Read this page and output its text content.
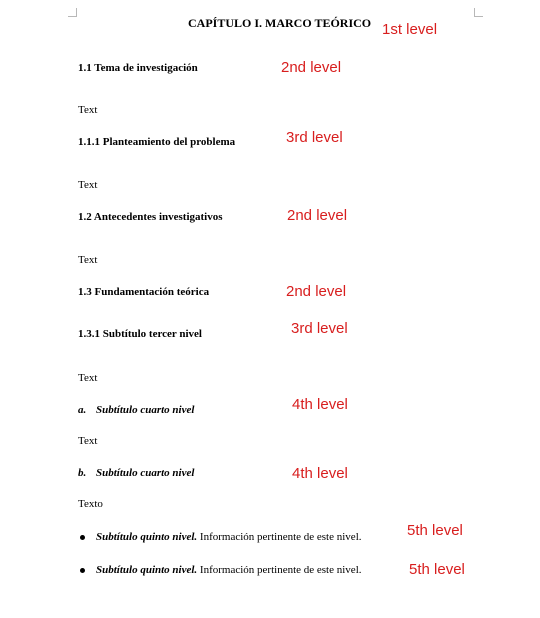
CAPÍTULO I. MARCO TEÓRICO 1st level
1.1 Tema de investigación	2nd level
Text
1.1.1 Planteamiento del problema	3rd level
Text
1.2 Antecedentes investigativos	2nd level
Text
1.3 Fundamentación teórica	2nd level
1.3.1 Subtítulo tercer nivel	3rd level
Text
a. Subtítulo cuarto nivel	4th level
Text
b. Subtítulo cuarto nivel	4th level
Texto
Subtítulo quinto nivel. Información pertinente de este nivel.	5th level
Subtítulo quinto nivel. Información pertinente de este nivel.	5th level
